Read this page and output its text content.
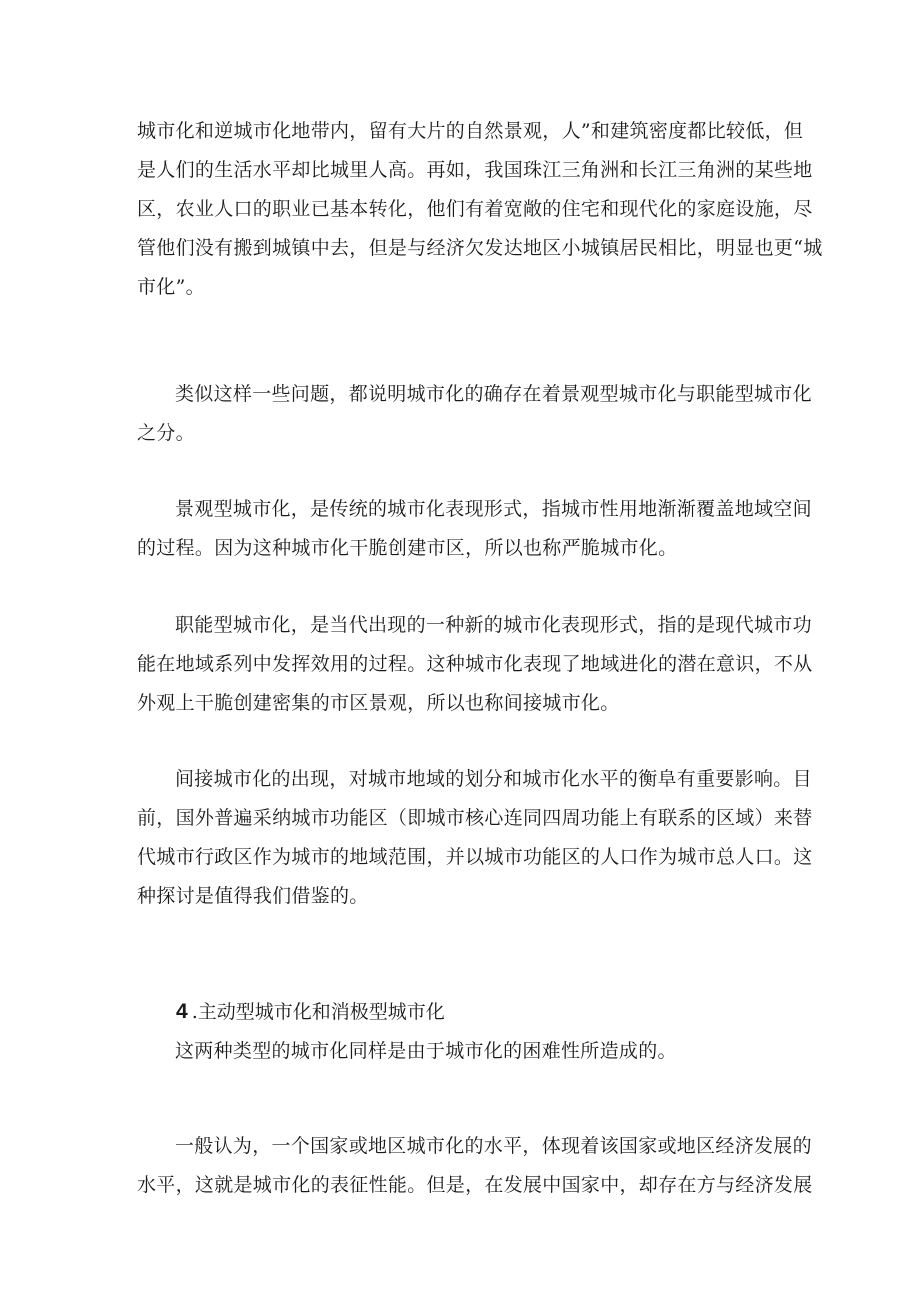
城市化和逆城市化地带内，留有大片的自然景观，人”和建筑密度都比较低，但
是人们的生活水平却比城里人高。再如，我国珠江三角洲和长江三角洲的某些地
区，农业人口的职业已基本转化，他们有着宽敞的住宅和现代化的家庭设施，尽
管他们没有搬到城镇中去，但是与经济欠发达地区小城镇居民相比，明显也更“城
市化”。
类似这样一些问题，都说明城市化的确存在着景观型城市化与职能型城市化
之分。
景观型城市化，是传统的城市化表现形式，指城市性用地渐渐覆盖地域空间
的过程。因为这种城市化干脆创建市区，所以也称严脆城市化。
职能型城市化，是当代出现的一种新的城市化表现形式，指的是现代城市功
能在地域系列中发挥效用的过程。这种城市化表现了地域进化的潜在意识，不从
外观上干脆创建密集的市区景观，所以也称间接城市化。
间接城市化的出现，对城市地域的划分和城市化水平的衡阜有重要影响。目
前，国外普遍采纳城市功能区（即城市核心连同四周功能上有联系的区域）来替
代城市行政区作为城市的地域范围，并以城市功能区的人口作为城市总人口。这
种探讨是值得我们借鉴的。
4 .主动型城市化和消极型城市化
这两种类型的城市化同样是由于城市化的困难性所造成的。
一般认为，一个国家或地区城市化的水平，体现着该国家或地区经济发展的
水平，这就是城市化的表征性能。但是，在发展中国家中，却存在方与经济发展
